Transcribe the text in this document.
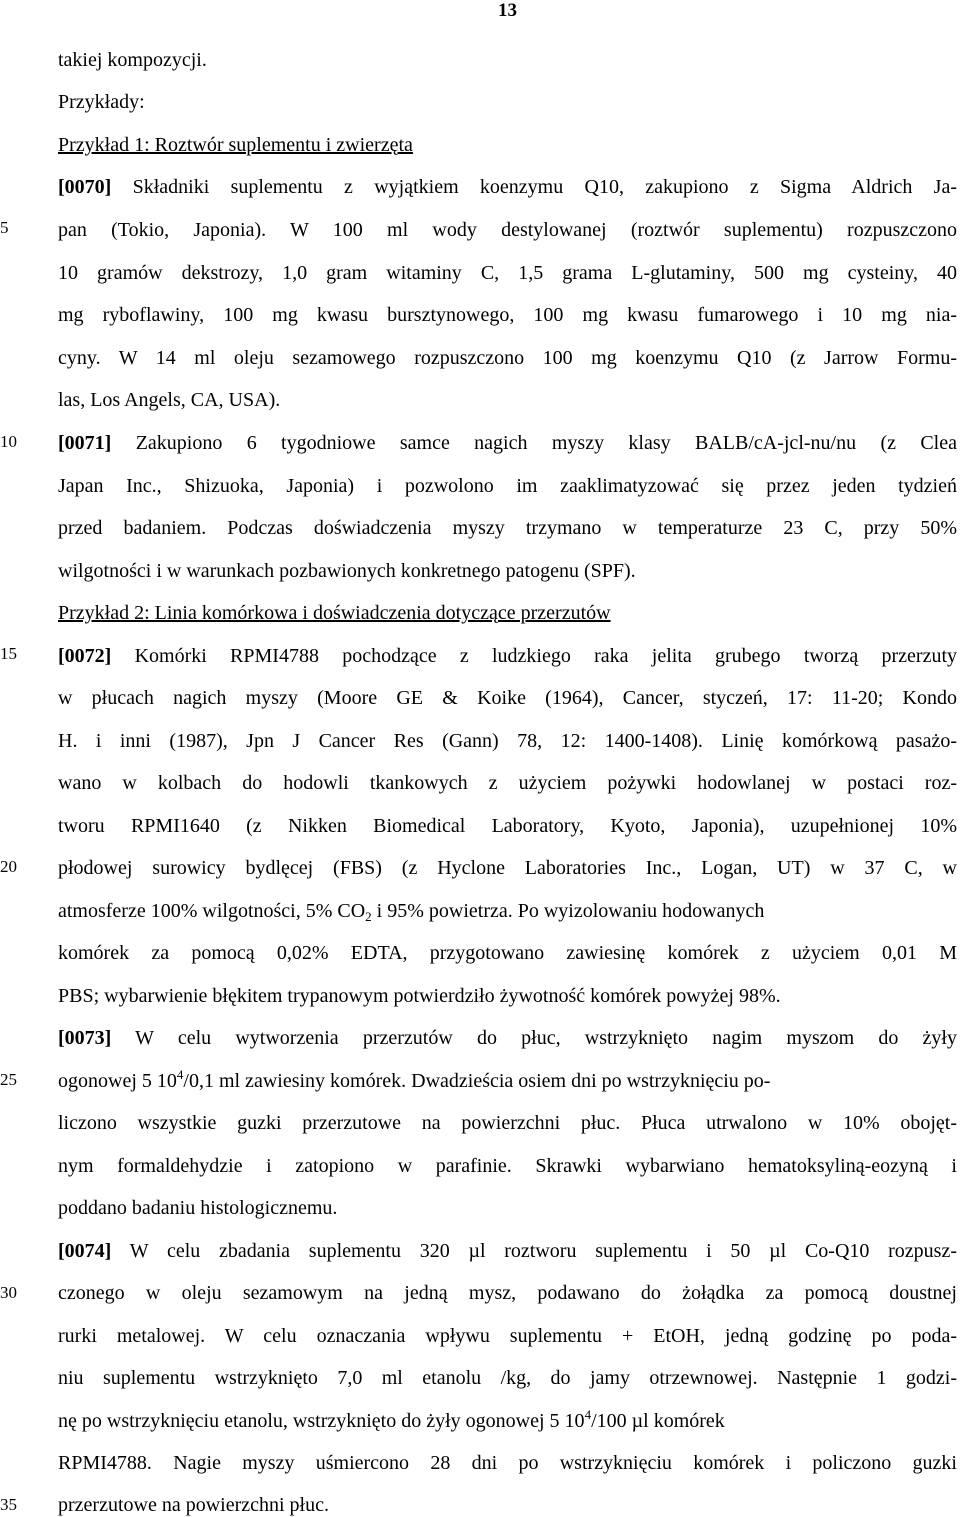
13
5
10
15
20
25
30
35
takiej kompozycji.
Przykłady:
Przykład 1: Roztwór suplementu i zwierzęta
[0070] Składniki suplementu z wyjątkiem koenzymu Q10, zakupiono z Sigma Aldrich Ja-
pan (Tokio, Japonia). W 100 ml wody destylowanej (roztwór suplementu) rozpuszczono
10 gramów dekstrozy, 1,0 gram witaminy C, 1,5 grama L-glutaminy, 500 mg cysteiny, 40
mg ryboflawiny, 100 mg kwasu bursztynowego, 100 mg kwasu fumarowego i 10 mg nia-
cyny. W 14 ml oleju sezamowego rozpuszczono 100 mg koenzymu Q10 (z Jarrow Formu-
las, Los Angels, CA, USA).
[0071] Zakupiono 6 tygodniowe samce nagich myszy klasy BALB/cA-jcl-nu/nu (z Clea
Japan Inc., Shizuoka, Japonia) i pozwolono im zaaklimatyzować się przez jeden tydzień
przed badaniem. Podczas doświadczenia myszy trzymano w temperaturze 23 C, przy 50%
wilgotności i w warunkach pozbawionych konkretnego patogenu (SPF).
Przykład 2: Linia komórkowa i doświadczenia dotyczące przerzutów
[0072] Komórki RPMI4788 pochodzące z ludzkiego raka jelita grubego tworzą przerzuty
w płucach nagich myszy (Moore GE & Koike (1964), Cancer, styczeń, 17: 11-20; Kondo
H. i inni (1987), Jpn J Cancer Res (Gann) 78, 12: 1400-1408). Linię komórkową pasażo-
wano w kolbach do hodowli tkankowych z użyciem pożywki hodowlanej w postaci roz-
tworu RPMI1640 (z Nikken Biomedical Laboratory, Kyoto, Japonia), uzupełnionej 10%
płodowej surowicy bydlęcej (FBS) (z Hyclone Laboratories Inc., Logan, UT) w 37 C, w
atmosferze 100% wilgotności, 5% $CO_2$ i 95% powietrza. Po wyizolowaniu hodowanych
komórek za pomocą 0,02% EDTA, przygotowano zawiesinę komórek z użyciem 0,01 M
PBS; wybarwienie błękitem trypanowym potwierdziło żywotność komórek powyżej 98%.
[0073] W celu wytworzenia przerzutów do płuc, wstrzyknięto nagim myszom do żyły
ogonowej 5 $10^4/0,1$ ml zawiesiny komórek. Dwadzieścia osiem dni po wstrzyknięciu po-
liczono wszystkie guzki przerzutowe na powierzchni płuc. Płuca utrwalono w 10% obojęt-
nym formaldehydzie i zatopiono w parafinie. Skrawki wybarwiano hematoksyliną-eozyną i
poddano badaniu histologicznemu.
[0074] W celu zbadania suplementu 320 µl roztworu suplementu i 50 µl Co-Q10 rozpusz-
czonego w oleju sezamowym na jedną mysz, podawano do żołądka za pomocą doustnej
rurki metalowej. W celu oznaczania wpływu suplementu + EtOH, jedną godzinę po poda-
niu suplementu wstrzyknięto 7,0 ml etanolu /kg, do jamy otrzewnowej. Następnie 1 godzi-
nę po wstrzyknięciu etanolu, wstrzyknięto do żyły ogonowej 5 $10^4/100$ µl komórek
RPMI4788. Nagie myszy uśmiercono 28 dni po wstrzyknięciu komórek i policzono guzki
przerzutowe na powierzchni płuc.
